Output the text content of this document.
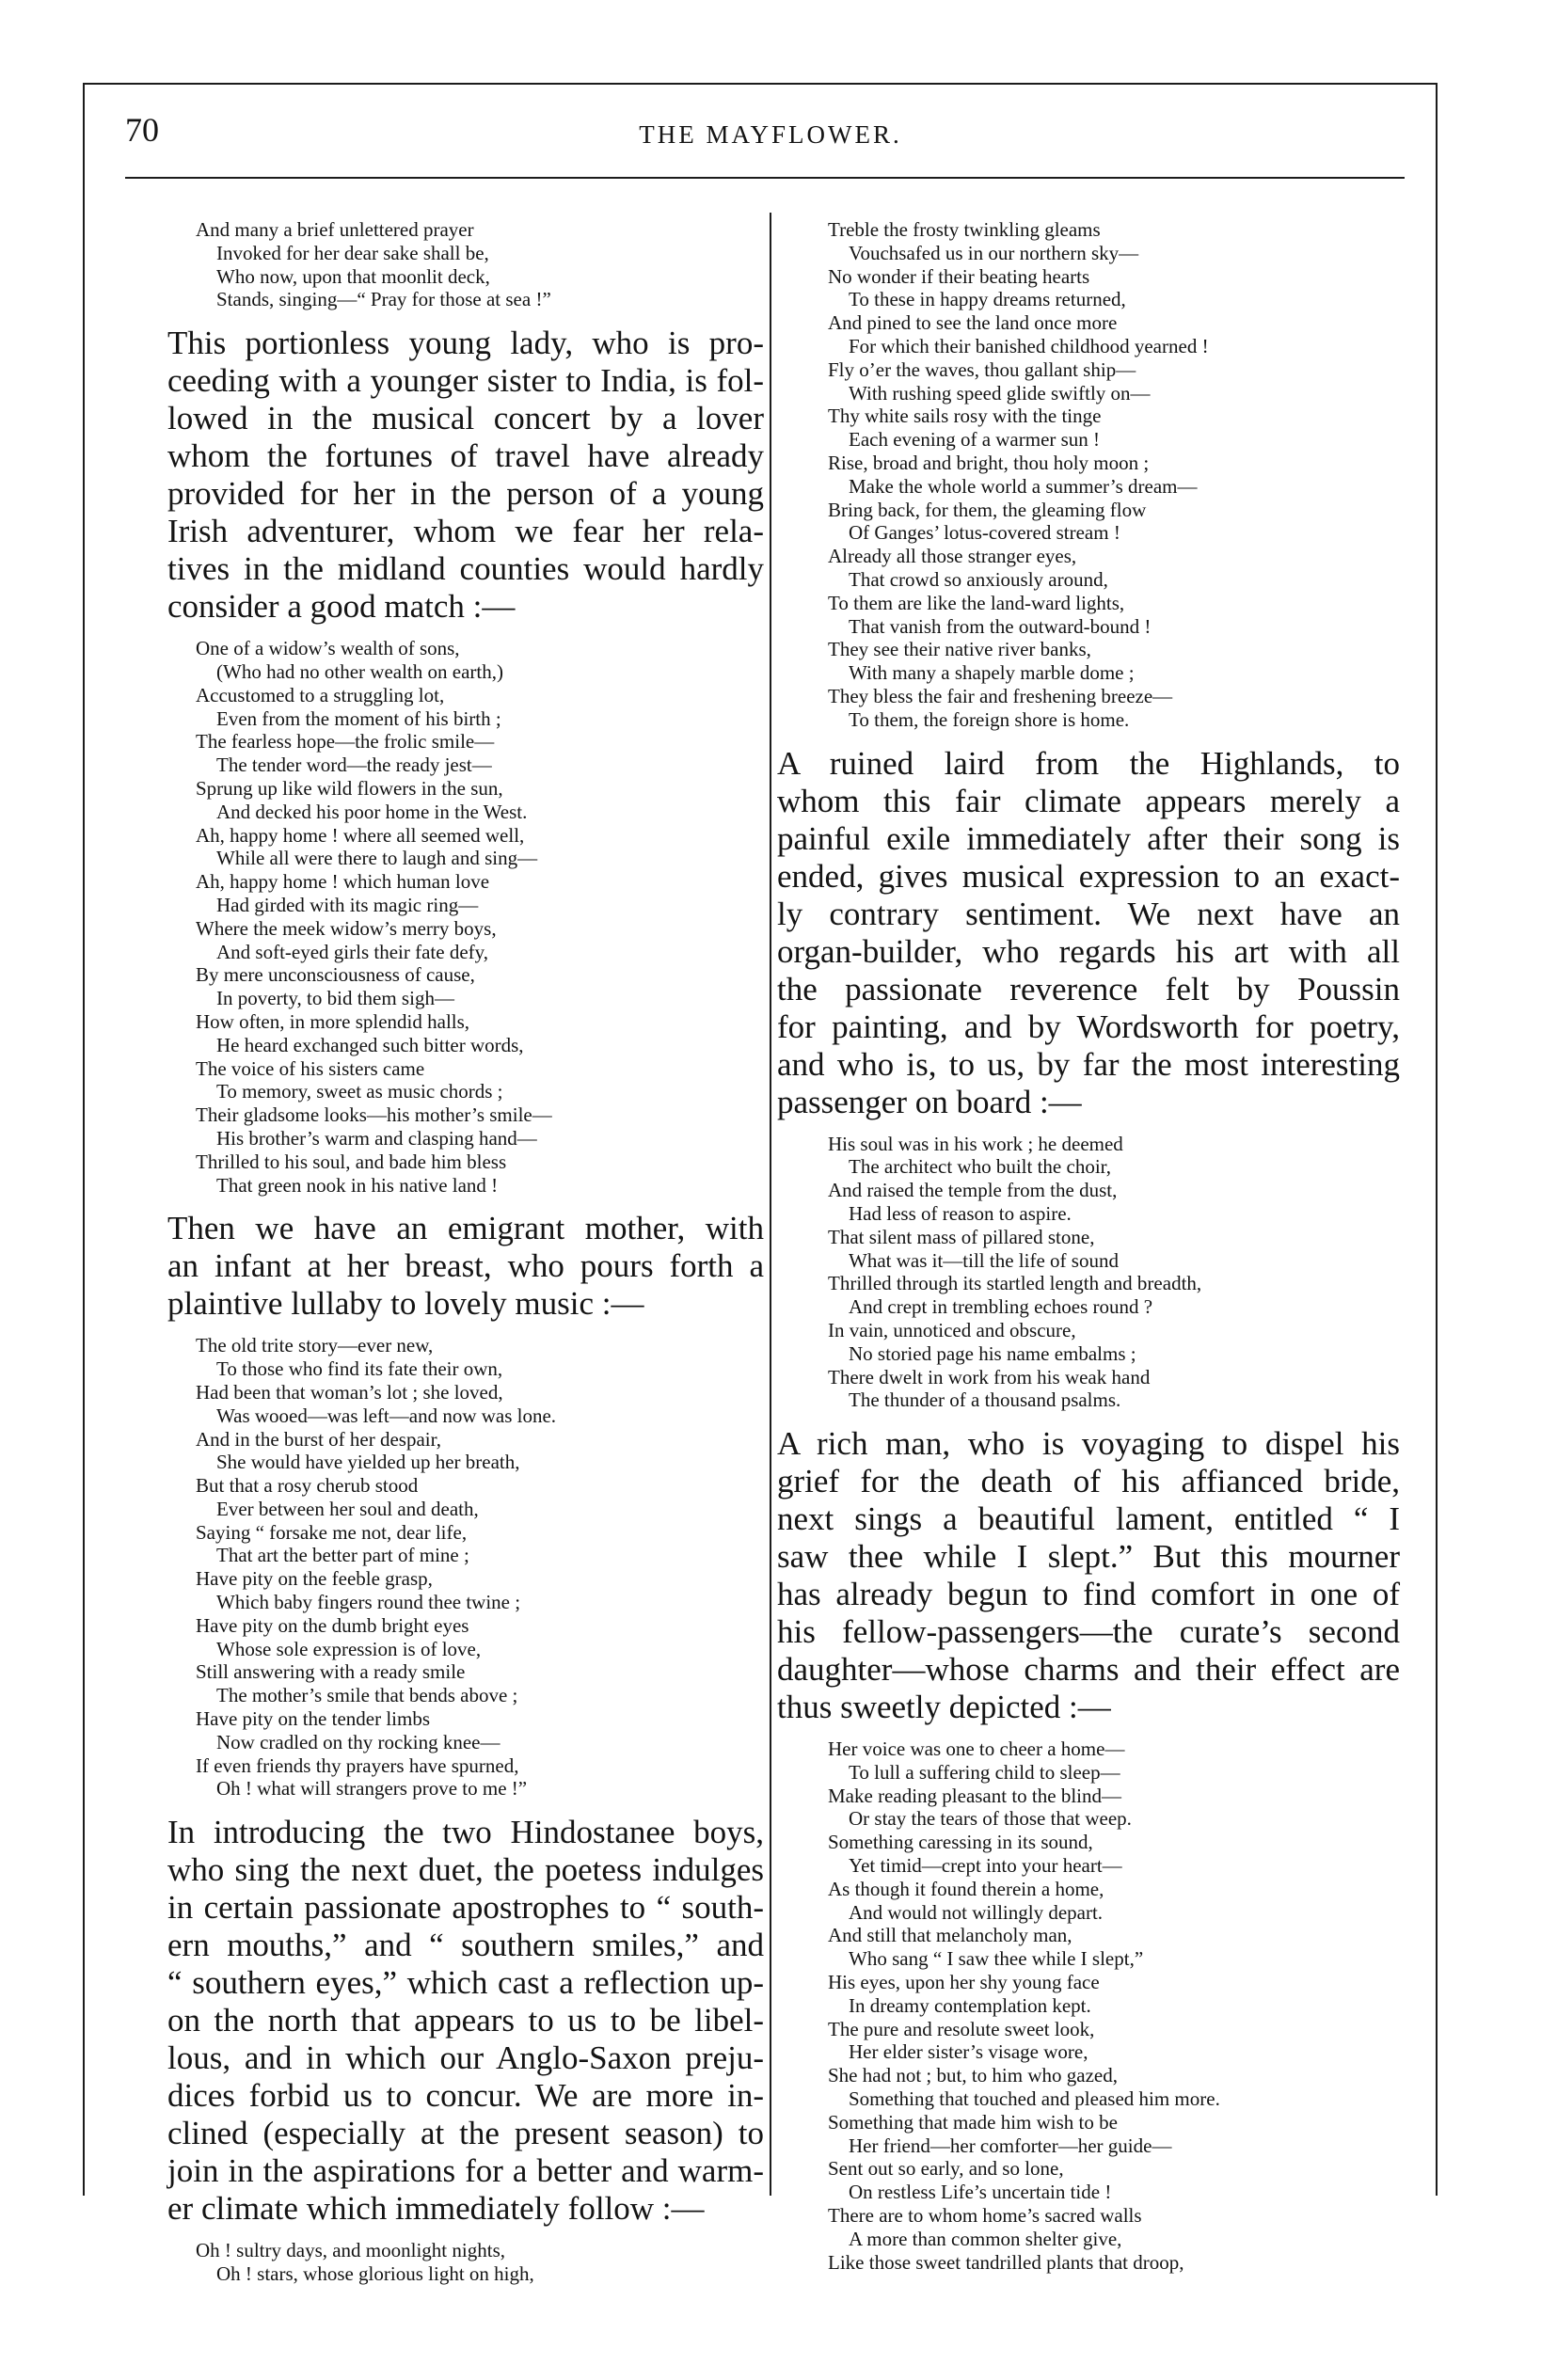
70	THE MAYFLOWER.
And many a brief unlettered prayer
Invoked for her dear sake shall be,
Who now, upon that moonlit deck,
Stands, singing—“ Pray for those at sea !”
This portionless young lady, who is pro-
ceeding with a younger sister to India, is fol-
lowed in the musical concert by a lover
whom the fortunes of travel have already
provided for her in the person of a young
Irish adventurer, whom we fear her rela-
tives in the midland counties would hardly
consider a good match :—
One of a widow’s wealth of sons,
(Who had no other wealth on earth,)
Accustomed to a struggling lot,
Even from the moment of his birth ;
The fearless hope—the frolic smile—
The tender word—the ready jest—
Sprung up like wild flowers in the sun,
And decked his poor home in the West.
Ah, happy home ! where all seemed well,
While all were there to laugh and sing—
Ah, happy home ! which human love
Had girded with its magic ring—
Where the meek widow’s merry boys,
And soft-eyed girls their fate defy,
By mere unconsciousness of cause,
In poverty, to bid them sigh—
How often, in more splendid halls,
He heard exchanged such bitter words,
The voice of his sisters came
To memory, sweet as music chords ;
Their gladsome looks—his mother’s smile—
His brother’s warm and clasping hand—
Thrilled to his soul, and bade him bless
That green nook in his native land !
Then we have an emigrant mother, with
an infant at her breast, who pours forth a
plaintive lullaby to lovely music :—
The old trite story—ever new,
To those who find its fate their own,
Had been that woman’s lot ; she loved,
Was wooed—was left—and now was lone.
And in the burst of her despair,
She would have yielded up her breath,
But that a rosy cherub stood
Ever between her soul and death,
Saying “ forsake me not, dear life,
That art the better part of mine ;
Have pity on the feeble grasp,
Which baby fingers round thee twine ;
Have pity on the dumb bright eyes
Whose sole expression is of love,
Still answering with a ready smile
The mother’s smile that bends above ;
Have pity on the tender limbs
Now cradled on thy rocking knee—
If even friends thy prayers have spurned,
Oh ! what will strangers prove to me !”
In introducing the two Hindostanee boys,
who sing the next duet, the poetess indulges
in certain passionate apostrophes to “ south-
ern mouths,” and “ southern smiles,” and
“ southern eyes,” which cast a reflection up-
on the north that appears to us to be libel-
lous, and in which our Anglo-Saxon preju-
dices forbid us to concur. We are more in-
clined (especially at the present season) to
join in the aspirations for a better and warm-
er climate which immediately follow :—
Oh ! sultry days, and moonlight nights,
Oh ! stars, whose glorious light on high,
Treble the frosty twinkling gleams
Vouchsafed us in our northern sky—
No wonder if their beating hearts
To these in happy dreams returned,
And pined to see the land once more
For which their banished childhood yearned !
Fly o’er the waves, thou gallant ship—
With rushing speed glide swiftly on—
Thy white sails rosy with the tinge
Each evening of a warmer sun !
Rise, broad and bright, thou holy moon ;
Make the whole world a summer’s dream—
Bring back, for them, the gleaming flow
Of Ganges’ lotus-covered stream !
Already all those stranger eyes,
That crowd so anxiously around,
To them are like the land-ward lights,
That vanish from the outward-bound !
They see their native river banks,
With many a shapely marble dome ;
They bless the fair and freshening breeze—
To them, the foreign shore is home.
A ruined laird from the Highlands, to
whom this fair climate appears merely a
painful exile immediately after their song is
ended, gives musical expression to an exact-
ly contrary sentiment. We next have an
organ-builder, who regards his art with all
the passionate reverence felt by Poussin
for painting, and by Wordsworth for poetry,
and who is, to us, by far the most interesting
passenger on board :—
His soul was in his work ; he deemed
The architect who built the choir,
And raised the temple from the dust,
Had less of reason to aspire.
That silent mass of pillared stone,
What was it—till the life of sound
Thrilled through its startled length and breadth,
And crept in trembling echoes round ?
In vain, unnoticed and obscure,
No storied page his name embalms ;
There dwelt in work from his weak hand
The thunder of a thousand psalms.
A rich man, who is voyaging to dispel his
grief for the death of his affianced bride,
next sings a beautiful lament, entitled “ I
saw thee while I slept.” But this mourner
has already begun to find comfort in one of
his fellow-passengers—the curate’s second
daughter—whose charms and their effect are
thus sweetly depicted :—
Her voice was one to cheer a home—
To lull a suffering child to sleep—
Make reading pleasant to the blind—
Or stay the tears of those that weep.
Something caressing in its sound,
Yet timid—crept into your heart—
As though it found therein a home,
And would not willingly depart.
And still that melancholy man,
Who sang “ I saw thee while I slept,”
His eyes, upon her shy young face
In dreamy contemplation kept.
The pure and resolute sweet look,
Her elder sister’s visage wore,
She had not ; but, to him who gazed,
Something that touched and pleased him more.
Something that made him wish to be
Her friend—her comforter—her guide—
Sent out so early, and so lone,
On restless Life’s uncertain tide !
There are to whom home’s sacred walls
A more than common shelter give,
Like those sweet tandrilled plants that droop,
